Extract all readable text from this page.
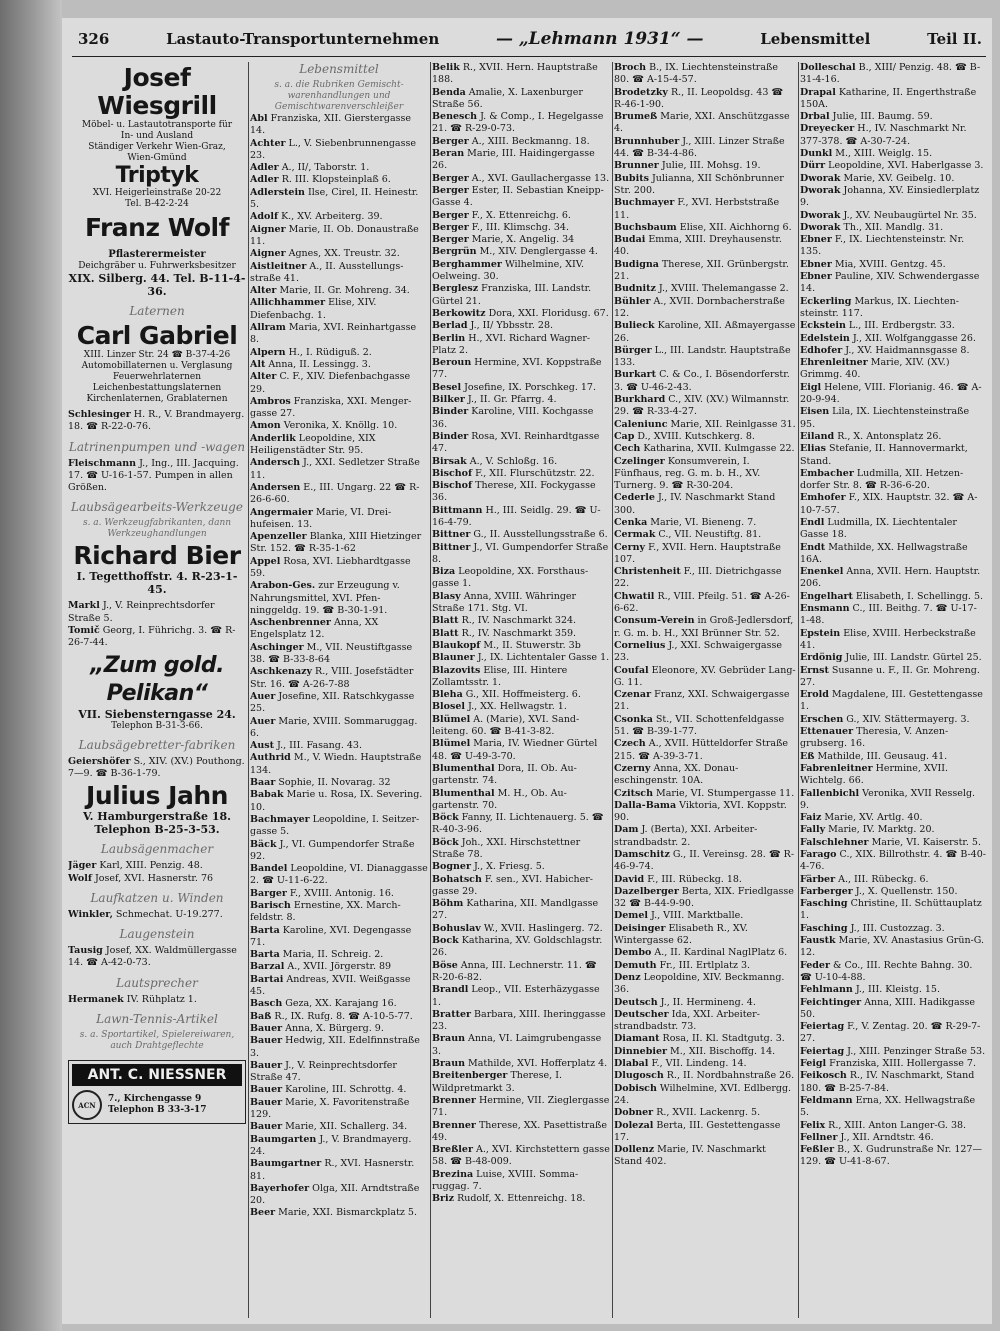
326	Lastauto-Transportunternehmen	— „Lehmann 1931“ —	Lebensmittel	Teil II.
Josef Wiesgrill
Möbel- u. Lastautotransporte für
In- und Ausland
Ständiger Verkehr Wien-Graz,
Wien-Gmünd
Triptyk
XVI. Heigerleinstraße 20-22
Tel. B-42-2-24
Franz Wolf Pflasterermeister
Deichgräber u. Fuhrwerksbesitzer
XIX. Silberg. 44. Tel. B-11-4-36.
Laternen
Carl Gabriel
XIII. Linzer Str. 24 ☎ B-37-4-26
Automobillaternen u. Verglasung
Feuerwehrlaternen
Leichenbestattungslaternen
Kirchenlaternen, Grablaternen

Schlesinger H. R., V. Brandmayerg. 18. ☎ R-22-0-76.

Latrinenpumpen und -wagen

Fleischmann J., Ing., III. Jacquing. 17. ☎ U-16-1-57. Pumpen in allen Größen.

Laubsägearbeits-Werkzeuge
s. a. Werkzeugfabrikanten, dann Werkzeughandlungen
Richard Bier
I. Tegetthoffstr. 4. R-23-1-45.

Markl J., V. Reinprechtsdorfer Straße 5.

Tomič Georg, I. Führichg. 3. ☎ R-26-7-44.

„Zum gold. Pelikan“
VII. Siebensterngasse 24.
Telephon B-31-3-66.
Laubsägebretter-fabriken

Geiershöfer S., XIV. (XV.) Pouthong. 7—9. ☎ B-36-1-79.

Julius Jahn
V. Hamburgerstraße 18.
Telephon B-25-3-53.
Laubsägenmacher

Jäger Karl, XIII. Penzig. 48.

Wolf Josef, XVI. Hasnerstr. 76

Laufkatzen u. Winden

Winkler, Schmechat. U-19.277.

Laugenstein

Tausig Josef, XX. Waldmüllergasse 14. ☎ A-42-0-73.

Lautsprecher

Hermanek IV. Rühplatz 1.

Lawn-Tennis-Artikel
s. a. Sportartikel, Spielereiwaren, auch Drahtgeflechte
ANT. C. NIESSNER
ACN
7., Kirchengasse 9
Telephon B 33-3-17
Lebensmittel
s. a. die Rubriken Gemischtwarenhandlungen und Gemischtwarenverschleißer

Abl Franziska, XII. Gierstergasse 14.

Achter L., V. Siebenbrunnengasse 23.

Adler A., II/, Taborstr. 1.

Adler R. III. Klopsteinplaß 6.

Adlerstein Ilse, Cirel, II. Heinestr. 5.

Adolf K., XV. Arbeiterg. 39.

Aigner Marie, II. Ob. Donaustraße 11.

Aigner Agnes, XX. Treustr. 32.

Aistleitner A., II. Ausstellungsstraße 41.

Alter Marie, II. Gr. Mohreng. 34.

Allichhammer Elise, XIV. Diefenbachg. 1.

Allram Maria, XVI. Reinhartgasse 8.

Alpern H., I. Rüdiguß. 2.

Alt Anna, II. Lessingg. 3.

Alter C. F., XIV. Diefenbachgasse 29.

Ambros Franziska, XXI. Mengergasse 27.

Amon Veronika, X. Knöllg. 10.

Anderlik Leopoldine, XIX Heiligenstädter Str. 95.

Andersch J., XXI. Sedletzer Straße 11.

Andersen E., III. Ungarg. 22 ☎ R-26-6-60.

Angermaier Marie, VI. Dreihufeisen. 13.

Apenzeller Blanka, XIII Hietzinger Str. 152. ☎ R-35-1-62

Appel Rosa, XVI. Liebhardtgasse 59.

Arabon-Ges. zur Erzeugung v. Nahrungsmittel, XVI. Pfenninggeldg. 19. ☎ B-30-1-91.

Aschenbrenner Anna, XX Engelsplatz 12.

Aschinger M., VII. Neustiftgasse 38. ☎ B-33-8-64

Aschkenazy R., VIII. Josefstädter Str. 16. ☎ A-26-7-88

Auer Josefine, XII. Ratschkygasse 25.

Auer Marie, XVIII. Sommaruggag. 6.

Aust J., III. Fasang. 43.

Authrid M., V. Wiedn. Hauptstraße 134.

Baar Sophie, II. Novarag. 32

Babak Marie u. Rosa, IX. Severing. 10.

Bachmayer Leopoldine, I. Seitzergasse 5.

Bäck J., VI. Gumpendorfer Straße 92.

Bandel Leopoldine, VI. Dianaggasse 2. ☎ U-11-6-22.

Barger F., XVIII. Antonig. 16.

Barisch Ernestine, XX. Marchfeldstr. 8.

Barta Karoline, XVI. Degengasse 71.

Barta Maria, II. Schreig. 2.

Barzal A., XVII. Jörgerstr. 89

Bartai Andreas, XVII. Weißgasse 45.

Basch Geza, XX. Karajang 16.

Baß R., IX. Rufg. 8. ☎ A-10-5-77.

Bauer Anna, X. Bürgerg. 9.

Bauer Hedwig, XII. Edelfinnstraße 3.

Bauer J., V. Reinprechtsdorfer Straße 47.

Bauer Karoline, III. Schrottg. 4.

Bauer Marie, X. Favoritenstraße 129.

Bauer Marie, XII. Schallerg. 34.

Baumgarten J., V. Brandmayerg. 24.

Baumgartner R., XVI. Hasnerstr. 81.

Bayerhofer Olga, XII. Arndtstraße 20.

Beer Marie, XXI. Bismarckplatz 5.

Belik R., XVII. Hern. Hauptstraße 188.

Benda Amalie, X. Laxenburger Straße 56.

Benesch J. & Comp., I. Hegelgasse 21. ☎ R-29-0-73.

Berger A., XIII. Beckmanng. 18.

Beran Marie, III. Haidingergasse 26.

Berger A., XVI. Gaullachergasse 13.

Berger Ester, II. Sebastian Kneipp-Gasse 4.

Berger F., X. Ettenreichg. 6.

Berger F., III. Klimschg. 34.

Berger Marie, X. Angelig. 34

Bergrün M., XIV. Denglergasse 4.

Berghammer Wilhelmine, XIV. Oelweing. 30.

Berglesz Franziska, III. Landstr. Gürtel 21.

Berkowitz Dora, XXI. Floridusg. 67.

Berlad J., II/ Ybbsstr. 28.

Berlin H., XVI. Richard Wagner-Platz 2.

Beroun Hermine, XVI. Koppstraße 77.

Besel Josefine, IX. Porschkeg. 17.

Bilker J., II. Gr. Pfarrg. 4.

Binder Karoline, VIII. Kochgasse 36.

Binder Rosa, XVI. Reinhardtgasse 47.

Birsak A., V. Schloßg. 16.

Bischof F., XII. Flurschützstr. 22.

Bischof Therese, XII. Fockygasse 36.

Bittmann H., III. Seidlg. 29. ☎ U-16-4-79.

Bittner G., II. Ausstellungsstraße 6.

Bittner J., VI. Gumpendorfer Straße 8.

Biza Leopoldine, XX. Forsthausgasse 1.

Blasy Anna, XVIII. Währinger Straße 171. Stg. VI.

Blatt R., IV. Naschmarkt 324.

Blatt R., IV. Naschmarkt 359.

Blaukopf M., II. Stuwerstr. 3b

Blauner J., IX. Lichtentaler Gasse 1.

Blazovits Elise, III. Hintere Zollamtsstr. 1.

Bleha G., XII. Hoffmeisterg. 6.

Blosel J., XX. Hellwagstr. 1.

Blümel A. (Marie), XVI. Sandleiteng. 60. ☎ B-41-3-82.

Blümel Maria, IV. Wiedner Gürtel 48. ☎ U-49-3-70.

Blumenthal Dora, II. Ob. Augartenstr. 74.

Blumenthal M. H., Ob. Augartenstr. 70.

Böck Fanny, II. Lichtenauerg. 5. ☎ R-40-3-96.

Böck Joh., XXI. Hirschstettner Straße 78.

Bogner J., X. Friesg. 5.

Bohatsch F. sen., XVI. Habichergasse 29.

Böhm Katharina, XII. Mandlgasse 27.

Bohuslav W., XVII. Haslingerg. 72.

Bock Katharina, XV. Goldschlagstr. 26.

Böse Anna, III. Lechnerstr. 11. ☎ R-20-6-82.

Brandl Leop., VII. Esterhäzygasse 1.

Bratter Barbara, XIII. Iheringgasse 23.

Braun Anna, VI. Laimgrubengasse 3.

Braun Mathilde, XVI. Hofferplatz 4.

Breitenberger Therese, I. Wildpretmarkt 3.

Brenner Hermine, VII. Zieglergasse 71.

Brenner Therese, XX. Pasettistraße 49.

Breßler A., XVI. Kirchstettern gasse 58. ☎ B-48-009.

Brezina Luise, XVIII. Sommaruggag. 7.

Briz Rudolf, X. Ettenreichg. 18.

Broch B., IX. Liechtensteinstraße 80. ☎ A-15-4-57.

Brodetzky R., II. Leopoldsg. 43 ☎ R-46-1-90.

Brumeß Marie, XXI. Anschützgasse 4.

Brunnhuber J., XIII. Linzer Straße 44. ☎ B-34-4-86.

Brunner Julie, III. Mohsg. 19.

Bubits Julianna, XII Schönbrunner Str. 200.

Buchmayer F., XVI. Herbststraße 11.

Buchsbaum Elise, XII. Aichhorng 6.

Budai Emma, XIII. Dreyhausenstr. 40.

Budigna Therese, XII. Grünbergstr. 21.

Budnitz J., XVIII. Thelemangasse 2.

Bühler A., XVII. Dornbacherstraße 12.

Bulieck Karoline, XII. Aßmayergasse 26.

Bürger L., III. Landstr. Hauptstraße 133.

Burkart C. & Co., I. Bösendorferstr. 3. ☎ U-46-2-43.

Burkhard C., XIV. (XV.) Wilmannstr. 29. ☎ R-33-4-27.

Caleniunc Marie, XII. Reinlgasse 31.

Cap D., XVIII. Kutschkerg. 8.

Cech Katharina, XVII. Kulmgasse 22.

Czelinger Konsumverein, I. Fünfhaus, reg. G. m. b. H., XV. Turnerg. 9. ☎ R-30-204.

Cederle J., IV. Naschmarkt Stand 300.

Cenka Marie, VI. Bieneng. 7.

Cermak C., VII. Neustiftg. 81.

Cerny F., XVII. Hern. Hauptstraße 107.

Christenheit F., III. Dietrichgasse 22.

Chwatil R., VIII. Pfeilg. 51. ☎ A-26-6-62.

Consum-Verein in Groß-Jedlersdorf, r. G. m. b. H., XXI Brünner Str. 52.

Cornelius J., XXI. Schwaigergasse 23.

Coufal Eleonore, XV. Gebrüder Lang-G. 11.

Czenar Franz, XXI. Schwaigergasse 21.

Csonka St., VII. Schottenfeldgasse 51. ☎ B-39-1-77.

Czech A., XVII. Hütteldorfer Straße 215. ☎ A-39-3-71.

Czerny Anna, XX. Donaueschingenstr. 10A.

Czitsch Marie, VI. Stumpergasse 11.

Dalla-Bama Viktoria, XVI. Koppstr. 90.

Dam J. (Berta), XXI. Arbeiterstrandbadstr. 2.

Damschitz G., II. Vereinsg. 28. ☎ R-46-9-74.

David F., III. Rübeckg. 18.

Dazelberger Berta, XIX. Friedlgasse 32 ☎ B-44-9-90.

Demel J., VIII. Marktballe.

Deisinger Elisabeth R., XV. Wintergasse 62.

Dembo A., II. Kardinal NaglPlatz 6.

Demuth Fr., III. Ertlplatz 3.

Denz Leopoldine, XIV. Beckmanng. 36.

Deutsch J., II. Hermineng. 4.

Deutscher Ida, XXI. Arbeiterstrandbadstr. 73.

Diamant Rosa, II. Kl. Stadtgutg. 3.

Dinnebier M., XII. Bischoffg. 14.

Dlabal F., VII. Lindeng. 14.

Dlugosch R., II. Nordbahnstraße 26.

Dobisch Wilhelmine, XVI. Edlbergg. 24.

Dobner R., XVII. Lackenrg. 5.

Dolezal Berta, III. Gestettengasse 17.

Dollenz Marie, IV. Naschmarkt Stand 402.

Dolleschal B., XIII/ Penzig. 48. ☎ B-31-4-16.

Drapal Katharine, II. Engerthstraße 150A.

Drbal Julie, III. Baumg. 59.

Dreyecker H., IV. Naschmarkt Nr. 377-378. ☎ A-30-7-24.

Dunkl M., XIII. Weiglg. 15.

Dürr Leopoldine, XVI. Haberlgasse 3.

Dworak Marie, XV. Geibelg. 10.

Dworak Johanna, XV. Einsiedlerplatz 9.

Dworak J., XV. Neubaugürtel Nr. 35.

Dworak Th., XII. Mandlg. 31.

Ebner F., IX. Liechtensteinstr. Nr. 135.

Ebner Mia, XVIII. Gentzg. 45.

Ebner Pauline, XIV. Schwendergasse 14.

Eckerling Markus, IX. Liechtensteinstr. 117.

Eckstein L., III. Erdbergstr. 33.

Edelstein J., XII. Wolfganggasse 26.

Edhofer J., XV. Haidmannsgasse 8.

Ehrenleitner Marie, XIV. (XV.) Grimmg. 40.

Eigl Helene, VIII. Florianig. 46. ☎ A-20-9-94.

Eisen Lila, IX. Liechtensteinstraße 95.

Eiland R., X. Antonsplatz 26.

Elias Stefanie, II. Hannovermarkt, Stand.

Embacher Ludmilla, XII. Hetzendorfer Str. 8. ☎ R-36-6-20.

Emhofer F., XIX. Hauptstr. 32. ☎ A-10-7-57.

Endl Ludmilla, IX. Liechtentaler Gasse 18.

Endt Mathilde, XX. Hellwagstraße 16A.

Enenkel Anna, XVII. Hern. Hauptstr. 206.

Engelhart Elisabeth, I. Schellingg. 5.

Ensmann C., III. Beithg. 7. ☎ U-17-1-48.

Epstein Elise, XVIII. Herbeckstraße 41.

Erdönig Julie, III. Landstr. Gürtel 25.

Ernst Susanne u. F., II. Gr. Mohreng. 27.

Erold Magdalene, III. Gestettengasse 1.

Erschen G., XIV. Stättermayerg. 3.

Ettenauer Theresia, V. Anzengrubserg. 16.

Eß Mathilde, III. Geusaug. 41.

Fabrenleitner Hermine, XVII. Wichtelg. 66.

Fallenbichl Veronika, XVII Resselg. 9.

Faiz Marie, XV. Artlg. 40.

Fally Marie, IV. Marktg. 20.

Falschlehner Marie, VI. Kaiserstr. 5.

Farago C., XIX. Billrothstr. 4. ☎ B-40-4-76.

Färber A., III. Rübeckg. 6.

Farberger J., X. Quellenstr. 150.

Fasching Christine, II. Schüttauplatz 1.

Fasching J., III. Custozzag. 3.

Faustk Marie, XV. Anastasius Grün-G. 12.

Feder & Co., III. Rechte Bahng. 30. ☎ U-10-4-88.

Fehlmann J., III. Kleistg. 15.

Feichtinger Anna, XIII. Hadikgasse 50.

Feiertag F., V. Zentag. 20. ☎ R-29-7-27.

Feiertag J., XIII. Penzinger Straße 53.

Feigl Franziska, XIII. Hollergasse 7.

Feikosch R., IV. Naschmarkt, Stand 180. ☎ B-25-7-84.

Feldmann Erna, XX. Hellwagstraße 5.

Felix R., XIII. Anton Langer-G. 38.

Fellner J., XII. Arndtstr. 46.

Feßler B., X. Gudrunstraße Nr. 127—129. ☎ U-41-8-67.
